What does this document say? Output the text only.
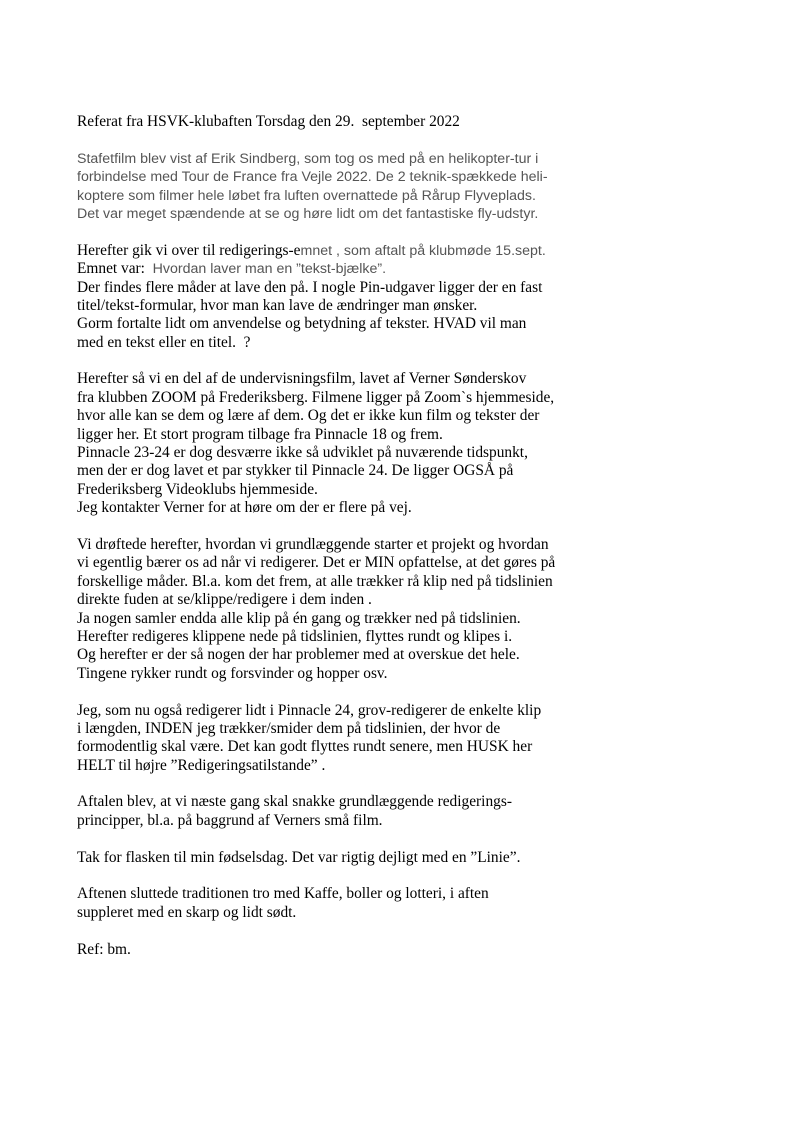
Referat fra HSVK-klubaften Torsdag den 29.  september 2022
Stafetfilm blev vist af Erik Sindberg, som tog os med på en helikopter-tur i
forbindelse med Tour de France fra Vejle 2022. De 2 teknik-spækkede heli-
koptere som filmer hele løbet fra luften overnattede på Rårup Flyveplads.
Det var meget spændende at se og høre lidt om det fantastiske fly-udstyr.
Herefter gik vi over til redigerings-emnet , som aftalt på klubmøde 15.sept.
Emnet var:  Hvordan laver man en ”tekst-bjælke”.
Der findes flere måder at lave den på. I nogle Pin-udgaver ligger der en fast
titel/tekst-formular, hvor man kan lave de ændringer man ønsker.
Gorm fortalte lidt om anvendelse og betydning af tekster. HVAD vil man
med en tekst eller en titel.  ?
Herefter så vi en del af de undervisningsfilm, lavet af Verner Sønderskov
fra klubben ZOOM på Frederiksberg. Filmene ligger på Zoom`s hjemmeside,
hvor alle kan se dem og lære af dem. Og det er ikke kun film og tekster der
ligger her. Et stort program tilbage fra Pinnacle 18 og frem.
Pinnacle 23-24 er dog desværre ikke så udviklet på nuværende tidspunkt,
men der er dog lavet et par stykker til Pinnacle 24. De ligger OGSÅ på
Frederiksberg Videoklubs hjemmeside.
Jeg kontakter Verner for at høre om der er flere på vej.
Vi drøftede herefter, hvordan vi grundlæggende starter et projekt og hvordan
vi egentlig bærer os ad når vi redigerer. Det er MIN opfattelse, at det gøres på
forskellige måder. Bl.a. kom det frem, at alle trækker rå klip ned på tidslinien
direkte fuden at se/klippe/redigere i dem inden .
Ja nogen samler endda alle klip på én gang og trækker ned på tidslinien.
Herefter redigeres klippene nede på tidslinien, flyttes rundt og klipes i.
Og herefter er der så nogen der har problemer med at overskue det hele.
Tingene rykker rundt og forsvinder og hopper osv.
Jeg, som nu også redigerer lidt i Pinnacle 24, grov-redigerer de enkelte klip
i længden, INDEN jeg trækker/smider dem på tidslinien, der hvor de
formodentlig skal være. Det kan godt flyttes rundt senere, men HUSK her
HELT til højre ”Redigeringsatilstande” .
Aftalen blev, at vi næste gang skal snakke grundlæggende redigerings-
principper, bl.a. på baggrund af Verners små film.
Tak for flasken til min fødselsdag. Det var rigtig dejligt med en ”Linie”.
Aftenen sluttede traditionen tro med Kaffe, boller og lotteri, i aften
suppleret med en skarp og lidt sødt.
Ref: bm.
